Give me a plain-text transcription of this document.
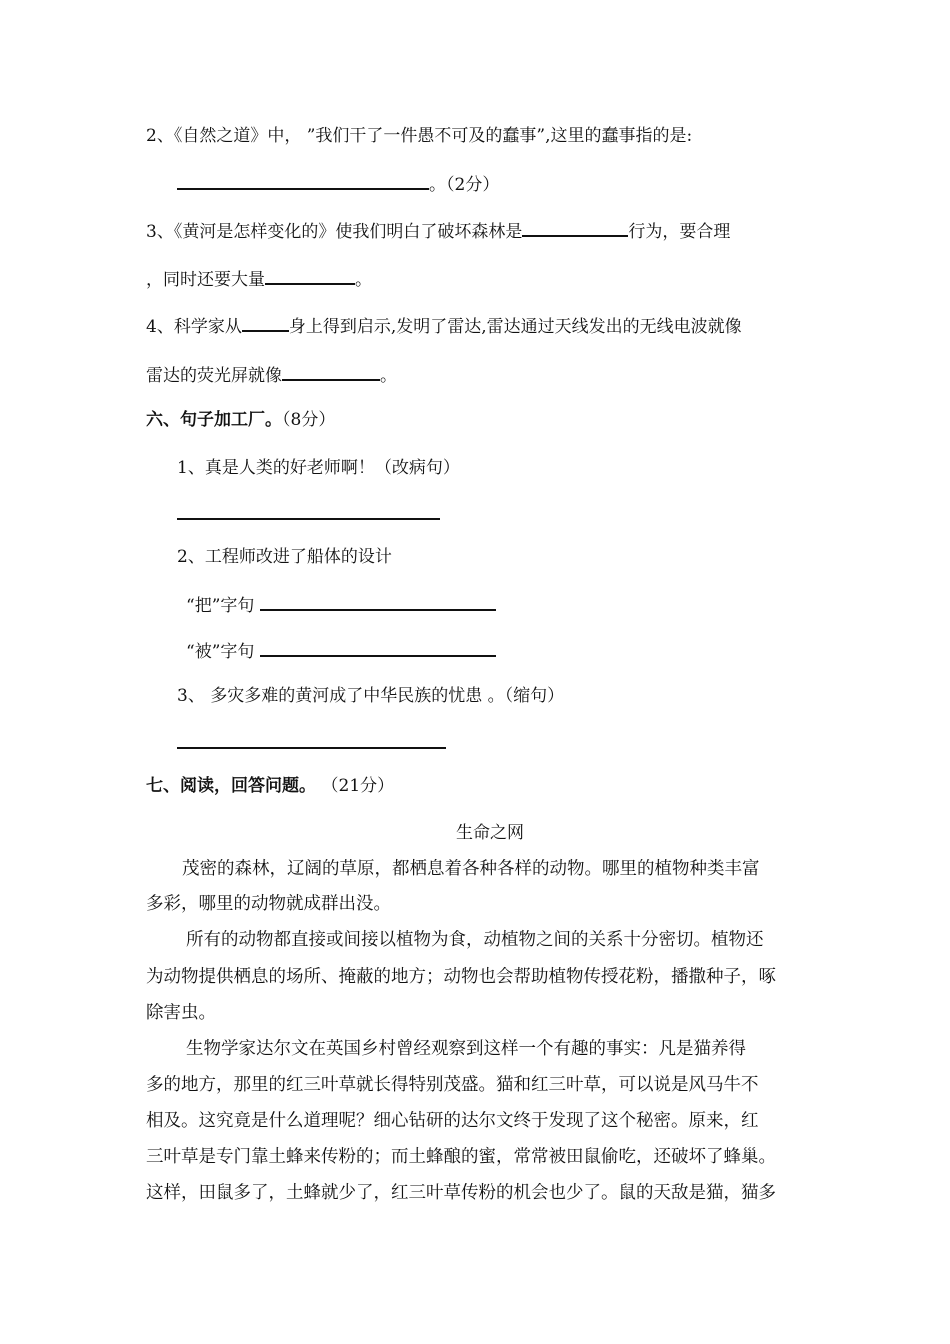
2、《自然之道》中， ”我们干了一件愚不可及的蠢事”,这里的蠢事指的是:
。（2分）
3、《黄河是怎样变化的》使我们明白了破坏森林是	行为，要合理
，同时还要大量	。
4、科学家从	身上得到启示,发明了雷达,雷达通过天线发出的无线电波就像
雷达的荧光屏就像	。
六、句子加工厂。（8分）
1、真是人类的好老师啊！（改病句）
2、工程师改进了船体的设计
“把”字句
“被”字句
3、 多灾多难的黄河成了中华民族的忧患 。（缩句）
七、阅读，回答问题。 （21分）
生命之网
茂密的森林，辽阔的草原，都栖息着各种各样的动物。哪里的植物种类丰富
多彩，哪里的动物就成群出没。
所有的动物都直接或间接以植物为食，动植物之间的关系十分密切。植物还
为动物提供栖息的场所、掩蔽的地方；动物也会帮助植物传授花粉，播撒种子，啄
除害虫。
生物学家达尔文在英国乡村曾经观察到这样一个有趣的事实：凡是猫养得
多的地方，那里的红三叶草就长得特别茂盛。猫和红三叶草，可以说是风马牛不
相及。这究竟是什么道理呢？细心钻研的达尔文终于发现了这个秘密。原来，红
三叶草是专门靠土蜂来传粉的；而土蜂酿的蜜，常常被田鼠偷吃，还破坏了蜂巢。
这样，田鼠多了，土蜂就少了，红三叶草传粉的机会也少了。鼠的天敌是猫，猫多
